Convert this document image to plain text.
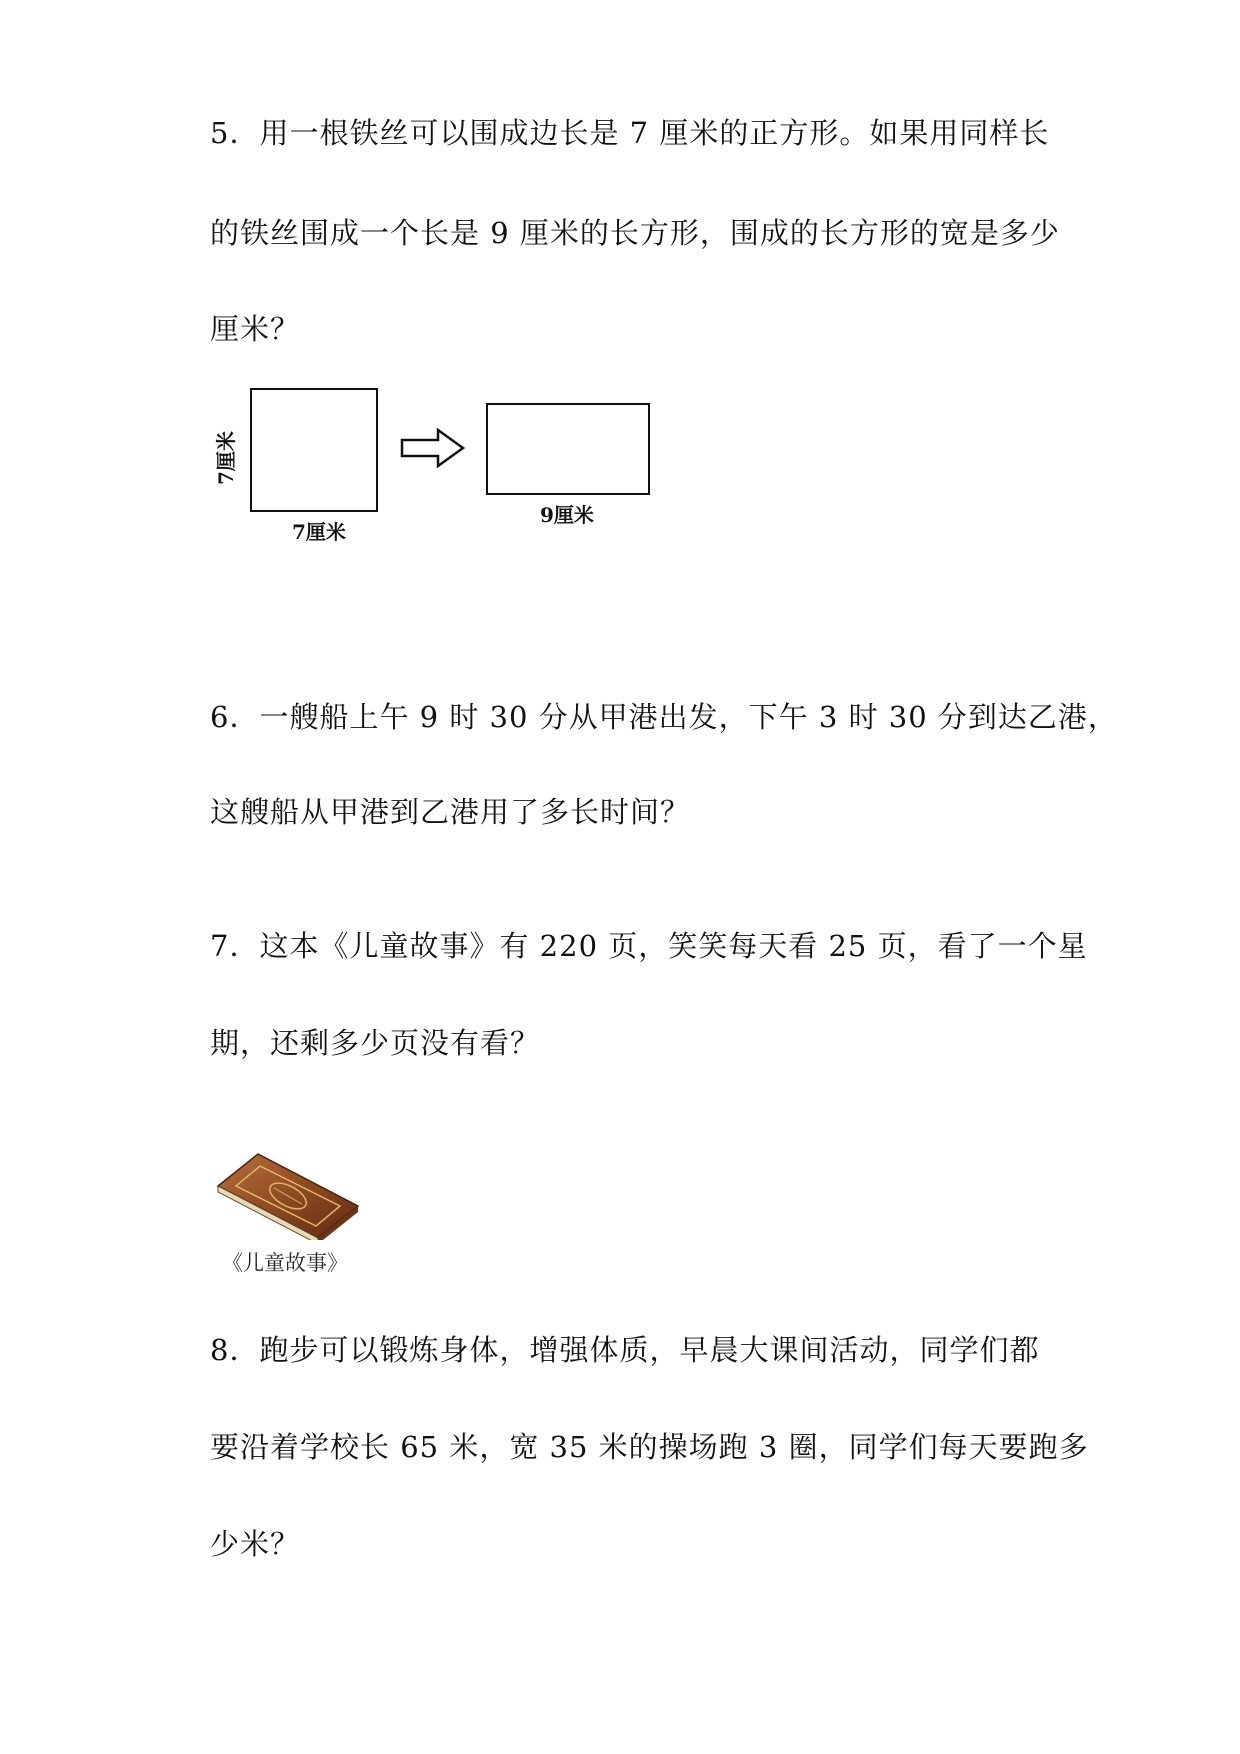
5．用一根铁丝可以围成边长是 7 厘米的正方形。如果用同样长
的铁丝围成一个长是 9 厘米的长方形，围成的长方形的宽是多少
厘米？
7厘米
7厘米
9厘米
6．一艘船上午 9 时 30 分从甲港出发，下午 3 时 30 分到达乙港，
这艘船从甲港到乙港用了多长时间？
7．这本《儿童故事》有 220 页，笑笑每天看 25 页，看了一个星
期，还剩多少页没有看？
《儿童故事》
8．跑步可以锻炼身体，增强体质，早晨大课间活动，同学们都
要沿着学校长 65 米，宽 35 米的操场跑 3 圈，同学们每天要跑多
少米？
